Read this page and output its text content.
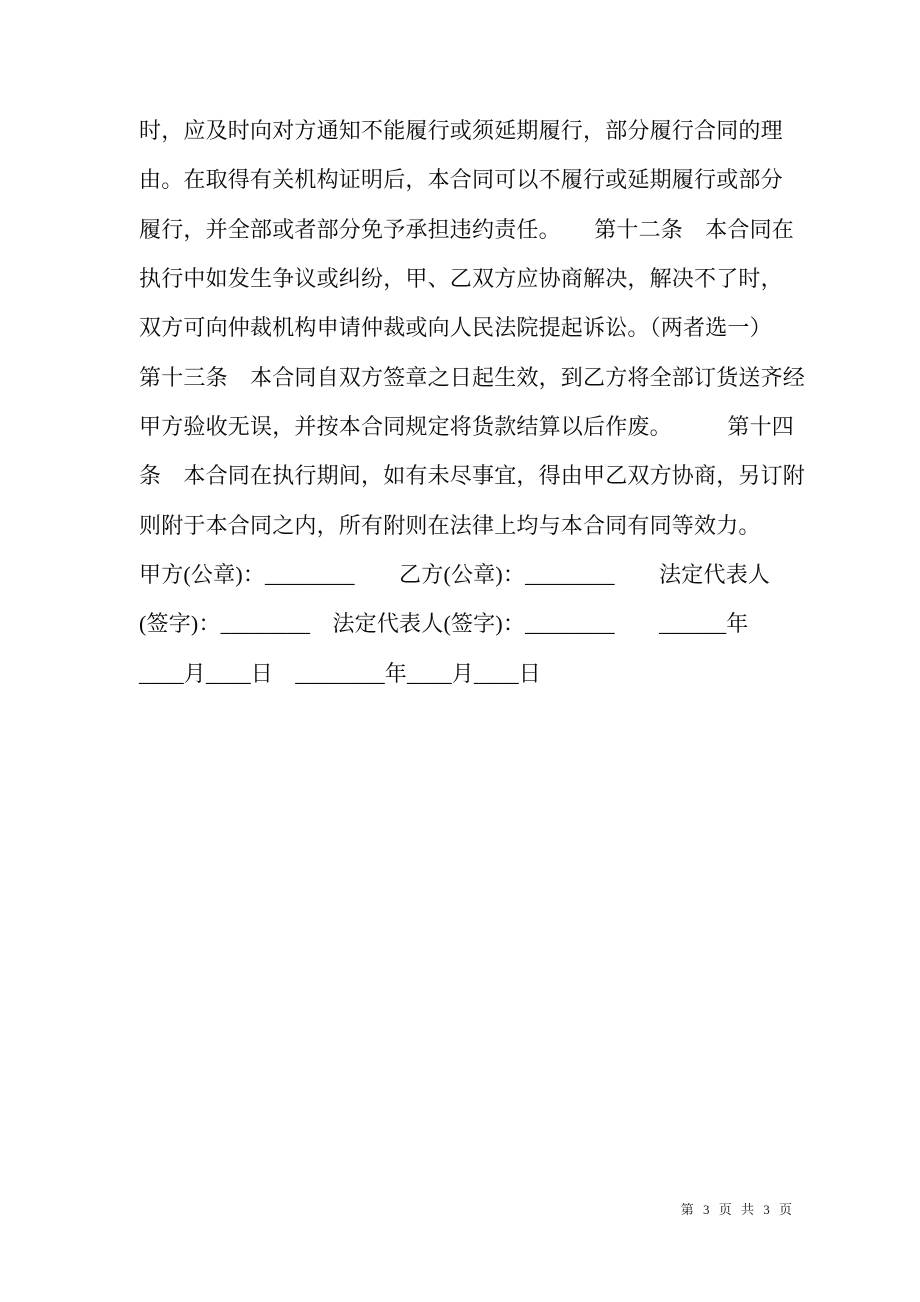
时，应及时向对方通知不能履行或须延期履行，部分履行合同的理
由。在取得有关机构证明后，本合同可以不履行或延期履行或部分
履行，并全部或者部分免予承担违约责任。　　第十二条　本合同在
执行中如发生争议或纠纷，甲、乙双方应协商解决，解决不了时，
双方可向仲裁机构申请仲裁或向人民法院提起诉讼。（两者选一）
第十三条　本合同自双方签章之日起生效，到乙方将全部订货送齐经
甲方验收无误，并按本合同规定将货款结算以后作废。　　　第十四
条　本合同在执行期间，如有未尽事宜，得由甲乙双方协商，另订附
则附于本合同之内，所有附则在法律上均与本合同有同等效力。
甲方(公章)：________　　乙方(公章)：________　　法定代表人
(签字)：________　法定代表人(签字)：________　　______年
____月____日　________年____月____日
第 3 页 共 3 页
